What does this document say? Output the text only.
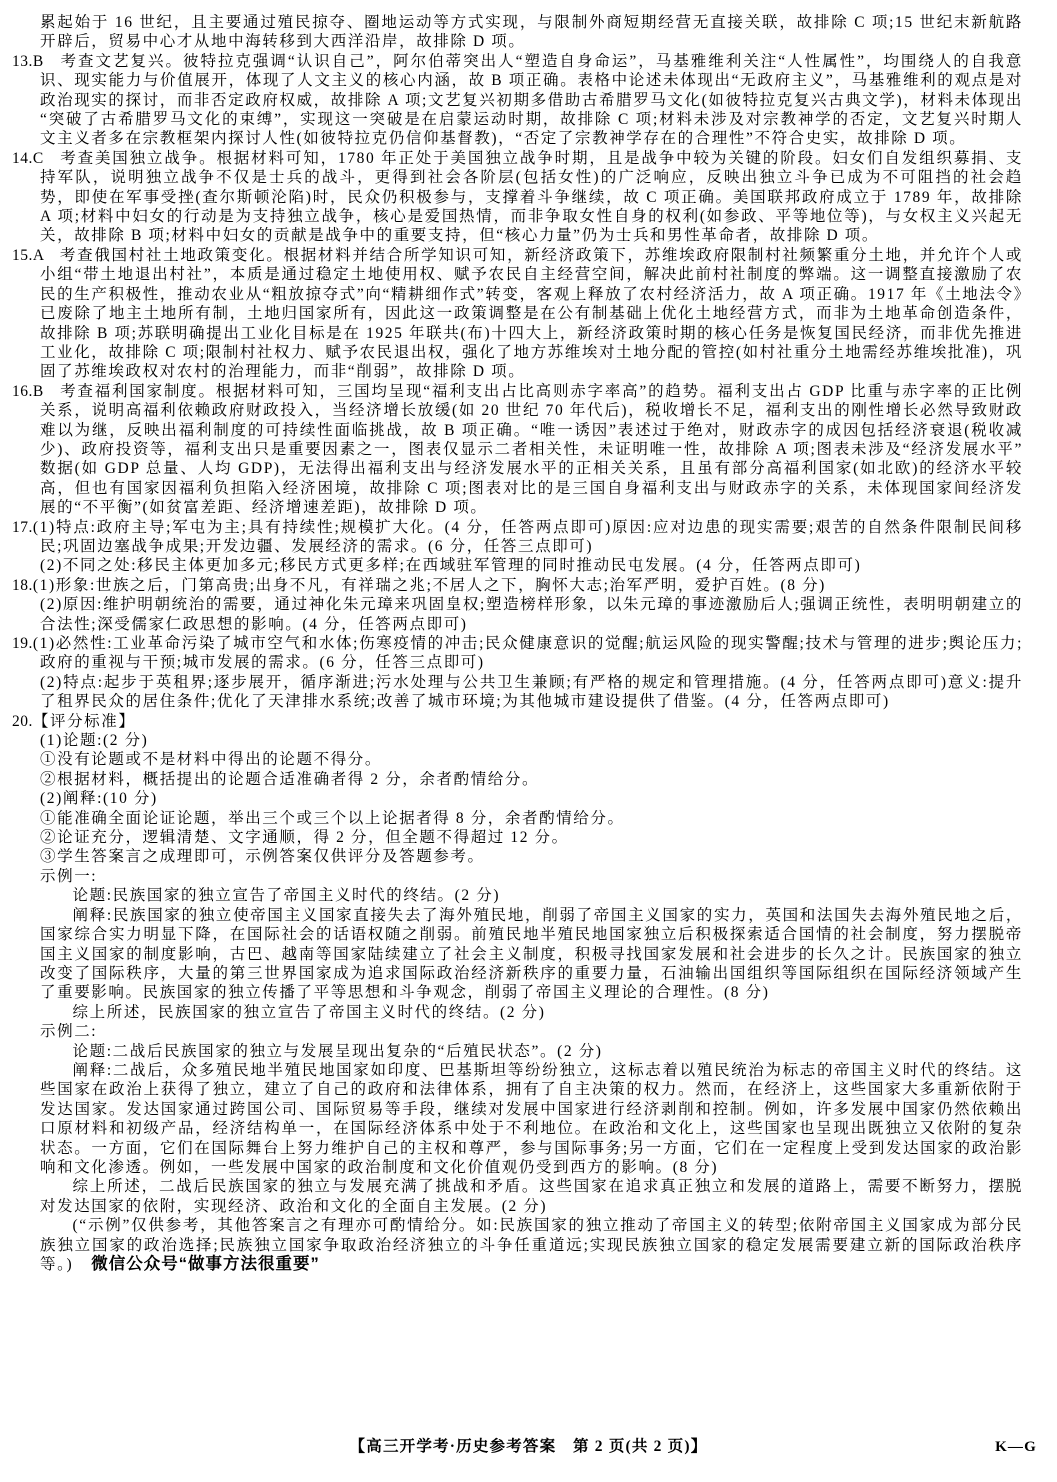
累起始于 16 世纪，且主要通过殖民掠夺、圈地运动等方式实现，与限制外商短期经营无直接关联，故排除 C 项;15 世纪末新航路开辟后，贸易中心才从地中海转移到大西洋沿岸，故排除 D 项。

13.B　考查文艺复兴。彼特拉克强调“认识自己”，阿尔伯蒂突出人“塑造自身命运”，马基雅维利关注“人性属性”，均围绕人的自我意识、现实能力与价值展开，体现了人文主义的核心内涵，故 B 项正确。表格中论述未体现出“无政府主义”，马基雅维利的观点是对政治现实的探讨，而非否定政府权威，故排除 A 项;文艺复兴初期多借助古希腊罗马文化(如彼特拉克复兴古典文学)，材料未体现出“突破了古希腊罗马文化的束缚”，实现这一突破是在启蒙运动时期，故排除 C 项;材料未涉及对宗教神学的否定，文艺复兴时期人文主义者多在宗教框架内探讨人性(如彼特拉克仍信仰基督教)，“否定了宗教神学存在的合理性”不符合史实，故排除 D 项。

14.C　考查美国独立战争。根据材料可知，1780 年正处于美国独立战争时期，且是战争中较为关键的阶段。妇女们自发组织募捐、支持军队，说明独立战争不仅是士兵的战斗，更得到社会各阶层(包括女性)的广泛响应，反映出独立斗争已成为不可阻挡的社会趋势，即使在军事受挫(查尔斯顿沦陷)时，民众仍积极参与，支撑着斗争继续，故 C 项正确。美国联邦政府成立于 1789 年，故排除 A 项;材料中妇女的行动是为支持独立战争，核心是爱国热情，而非争取女性自身的权利(如参政、平等地位等)，与女权主义兴起无关，故排除 B 项;材料中妇女的贡献是战争中的重要支持，但“核心力量”仍为士兵和男性革命者，故排除 D 项。

15.A　考查俄国村社土地政策变化。根据材料并结合所学知识可知，新经济政策下，苏维埃政府限制村社频繁重分土地，并允许个人或小组“带土地退出村社”，本质是通过稳定土地使用权、赋予农民自主经营空间，解决此前村社制度的弊端。这一调整直接激励了农民的生产积极性，推动农业从“粗放掠夺式”向“精耕细作式”转变，客观上释放了农村经济活力，故 A 项正确。1917 年《土地法令》已废除了地主土地所有制，土地归国家所有，因此这一政策调整是在公有制基础上优化土地经营方式，而非为土地革命创造条件，故排除 B 项;苏联明确提出工业化目标是在 1925 年联共(布)十四大上，新经济政策时期的核心任务是恢复国民经济，而非优先推进工业化，故排除 C 项;限制村社权力、赋予农民退出权，强化了地方苏维埃对土地分配的管控(如村社重分土地需经苏维埃批准)，巩固了苏维埃政权对农村的治理能力，而非“削弱”，故排除 D 项。

16.B　考查福利国家制度。根据材料可知，三国均呈现“福利支出占比高则赤字率高”的趋势。福利支出占 GDP 比重与赤字率的正比例关系，说明高福利依赖政府财政投入，当经济增长放缓(如 20 世纪 70 年代后)，税收增长不足，福利支出的刚性增长必然导致财政难以为继，反映出福利制度的可持续性面临挑战，故 B 项正确。“唯一诱因”表述过于绝对，财政赤字的成因包括经济衰退(税收减少)、政府投资等，福利支出只是重要因素之一，图表仅显示二者相关性，未证明唯一性，故排除 A 项;图表未涉及“经济发展水平”数据(如 GDP 总量、人均 GDP)，无法得出福利支出与经济发展水平的正相关关系，且虽有部分高福利国家(如北欧)的经济水平较高，但也有国家因福利负担陷入经济困境，故排除 C 项;图表对比的是三国自身福利支出与财政赤字的关系，未体现国家间经济发展的“不平衡”(如贫富差距、经济增速差距)，故排除 D 项。

17.(1)特点:政府主导;军屯为主;具有持续性;规模扩大化。(4 分，任答两点即可)原因:应对边患的现实需要;艰苦的自然条件限制民间移民;巩固边塞战争成果;开发边疆、发展经济的需求。(6 分，任答三点即可)

(2)不同之处:移民主体更加多元;移民方式更多样;在西域驻军管理的同时推动民屯发展。(4 分，任答两点即可)

18.(1)形象:世族之后，门第高贵;出身不凡，有祥瑞之兆;不居人之下，胸怀大志;治军严明，爱护百姓。(8 分)

(2)原因:维护明朝统治的需要，通过神化朱元璋来巩固皇权;塑造榜样形象，以朱元璋的事迹激励后人;强调正统性，表明明朝建立的合法性;深受儒家仁政思想的影响。(4 分，任答两点即可)

19.(1)必然性:工业革命污染了城市空气和水体;伤寒疫情的冲击;民众健康意识的觉醒;航运风险的现实警醒;技术与管理的进步;舆论压力;政府的重视与干预;城市发展的需求。(6 分，任答三点即可)

(2)特点:起步于英租界;逐步展开，循序渐进;污水处理与公共卫生兼顾;有严格的规定和管理措施。(4 分，任答两点即可)意义:提升了租界民众的居住条件;优化了天津排水系统;改善了城市环境;为其他城市建设提供了借鉴。(4 分，任答两点即可)

20.【评分标准】

(1)论题:(2 分)

①没有论题或不是材料中得出的论题不得分。

②根据材料，概括提出的论题合适准确者得 2 分，余者酌情给分。

(2)阐释:(10 分)

①能准确全面论证论题，举出三个或三个以上论据者得 8 分，余者酌情给分。

②论证充分，逻辑清楚、文字通顺，得 2 分，但全题不得超过 12 分。

③学生答案言之成理即可，示例答案仅供评分及答题参考。

示例一:

论题:民族国家的独立宣告了帝国主义时代的终结。(2 分)

阐释:民族国家的独立使帝国主义国家直接失去了海外殖民地，削弱了帝国主义国家的实力，英国和法国失去海外殖民地之后，国家综合实力明显下降，在国际社会的话语权随之削弱。前殖民地半殖民地国家独立后积极探索适合国情的社会制度，努力摆脱帝国主义国家的制度影响，古巴、越南等国家陆续建立了社会主义制度，积极寻找国家发展和社会进步的长久之计。民族国家的独立改变了国际秩序，大量的第三世界国家成为追求国际政治经济新秩序的重要力量，石油输出国组织等国际组织在国际经济领域产生了重要影响。民族国家的独立传播了平等思想和斗争观念，削弱了帝国主义理论的合理性。(8 分)

综上所述，民族国家的独立宣告了帝国主义时代的终结。(2 分)

示例二:

论题:二战后民族国家的独立与发展呈现出复杂的“后殖民状态”。(2 分)

阐释:二战后，众多殖民地半殖民地国家如印度、巴基斯坦等纷纷独立，这标志着以殖民统治为标志的帝国主义时代的终结。这些国家在政治上获得了独立，建立了自己的政府和法律体系，拥有了自主决策的权力。然而，在经济上，这些国家大多重新依附于发达国家。发达国家通过跨国公司、国际贸易等手段，继续对发展中国家进行经济剥削和控制。例如，许多发展中国家仍然依赖出口原材料和初级产品，经济结构单一，在国际经济体系中处于不利地位。在政治和文化上，这些国家也呈现出既独立又依附的复杂状态。一方面，它们在国际舞台上努力维护自己的主权和尊严，参与国际事务;另一方面，它们在一定程度上受到发达国家的政治影响和文化渗透。例如，一些发展中国家的政治制度和文化价值观仍受到西方的影响。(8 分)

综上所述，二战后民族国家的独立与发展充满了挑战和矛盾。这些国家在追求真正独立和发展的道路上，需要不断努力，摆脱对发达国家的依附，实现经济、政治和文化的全面自主发展。(2 分)

(“示例”仅供参考，其他答案言之有理亦可酌情给分。如:民族国家的独立推动了帝国主义的转型;依附帝国主义国家成为部分民族独立国家的政治选择;民族独立国家争取政治经济独立的斗争任重道远;实现民族独立国家的稳定发展需要建立新的国际政治秩序等。) 微信公众号“做事方法很重要”

【高三开学考·历史参考答案　第 2 页(共 2 页)】	K—G
